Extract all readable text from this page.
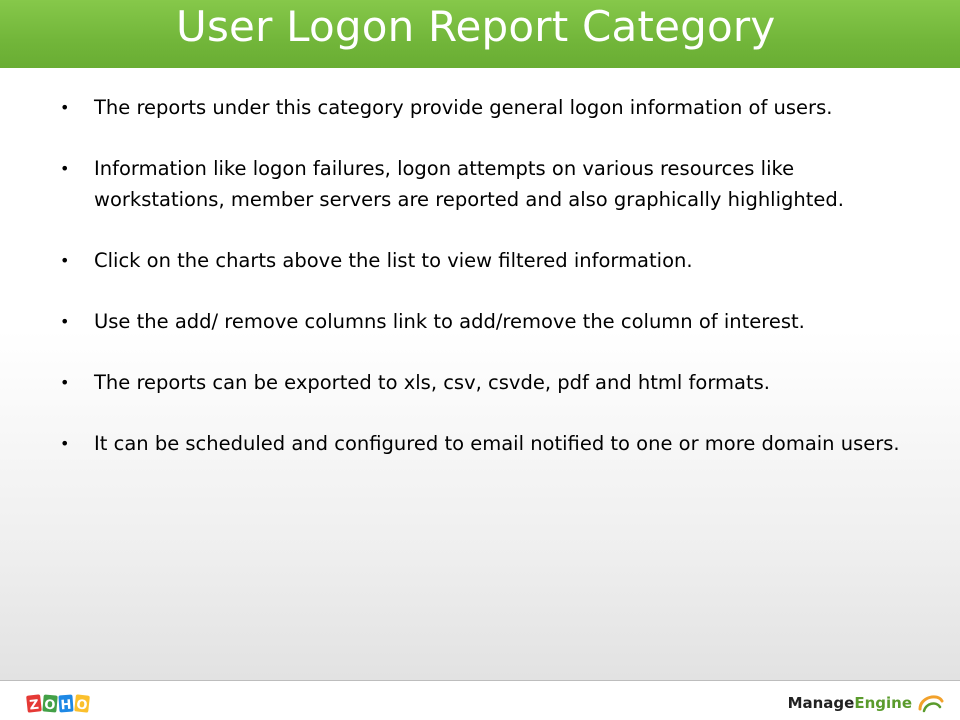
User Logon Report Category
• The reports under this category provide general logon information of users.
• Information like logon failures, logon attempts on various resources like workstations, member servers are reported and also graphically highlighted.
• Click on the charts above the list to view filtered information.
• Use the add/ remove columns link to add/remove the column of interest.
• The reports can be exported to xls, csv, csvde, pdf and html formats.
• It can be scheduled and configured to email notified to one or more domain users.
Z O H O	ManageEngine
